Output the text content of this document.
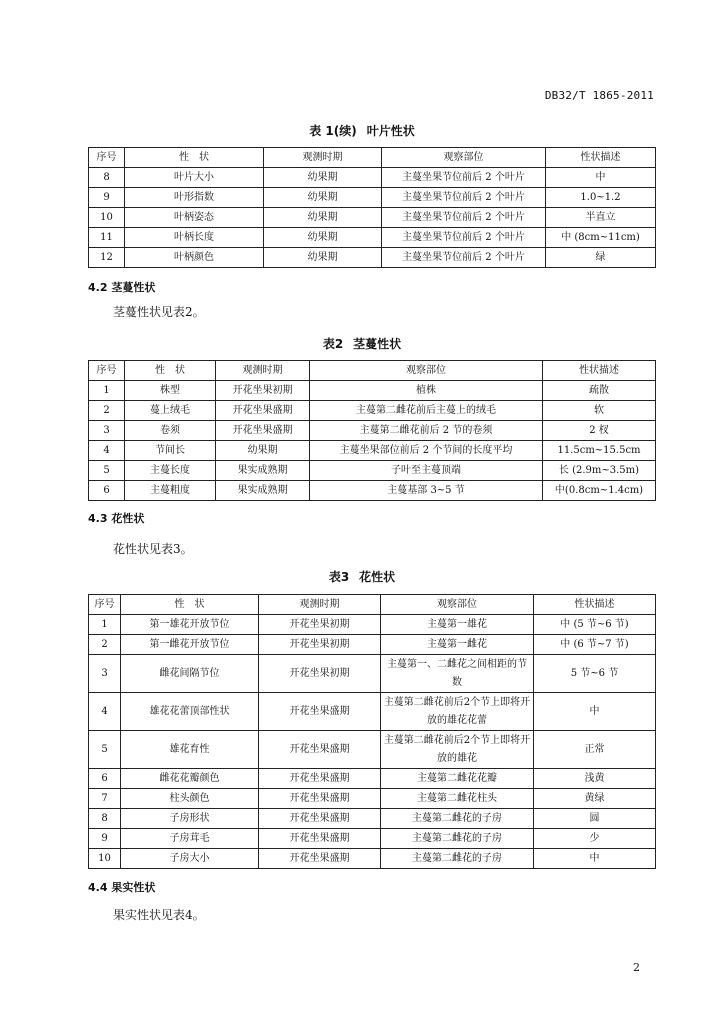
DB32/T 1865-2011
表 1(续) 叶片性状
序号	性　状	观测时期	观察部位	性状描述
8	叶片大小	幼果期	主蔓坐果节位前后 2 个叶片	中
9	叶形指数	幼果期	主蔓坐果节位前后 2 个叶片	1.0~1.2
10	叶柄姿态	幼果期	主蔓坐果节位前后 2 个叶片	半直立
11	叶柄长度	幼果期	主蔓坐果节位前后 2 个叶片	中 (8cm~11cm)
12	叶柄颜色	幼果期	主蔓坐果节位前后 2 个叶片	绿
4.2 茎蔓性状
茎蔓性状见表2。
表2 茎蔓性状
序号	性　状	观测时期	观察部位	性状描述
1	株型	开花坐果初期	植株	疏散
2	蔓上绒毛	开花坐果盛期	主蔓第二雌花前后主蔓上的绒毛	软
3	卷须	开花坐果盛期	主蔓第二雌花前后 2 节的卷须	2 杈
4	节间长	幼果期	主蔓坐果部位前后 2 个节间的长度平均	11.5cm~15.5cm
5	主蔓长度	果实成熟期	子叶至主蔓顶端	长 (2.9m~3.5m)
6	主蔓粗度	果实成熟期	主蔓基部 3~5 节	中(0.8cm~1.4cm)
4.3 花性状
花性状见表3。
表3 花性状
序号	性　状	观测时期	观察部位	性状描述
1	第一雄花开放节位	开花坐果初期	主蔓第一雄花	中 (5 节~6 节)
2	第一雌花开放节位	开花坐果初期	主蔓第一雌花	中 (6 节~7 节)
3	雌花间隔节位	开花坐果初期	主蔓第一、二雌花之间相距的节数	5 节~6 节
4	雄花花蕾顶部性状	开花坐果盛期	主蔓第二雌花前后2个节上即将开放的雄花花蕾	中
5	雄花育性	开花坐果盛期	主蔓第二雌花前后2个节上即将开放的雄花	正常
6	雌花花瓣颜色	开花坐果盛期	主蔓第二雌花花瓣	浅黄
7	柱头颜色	开花坐果盛期	主蔓第二雌花柱头	黄绿
8	子房形状	开花坐果盛期	主蔓第二雌花的子房	圆
9	子房茸毛	开花坐果盛期	主蔓第二雌花的子房	少
10	子房大小	开花坐果盛期	主蔓第二雌花的子房	中
4.4 果实性状
果实性状见表4。
2
